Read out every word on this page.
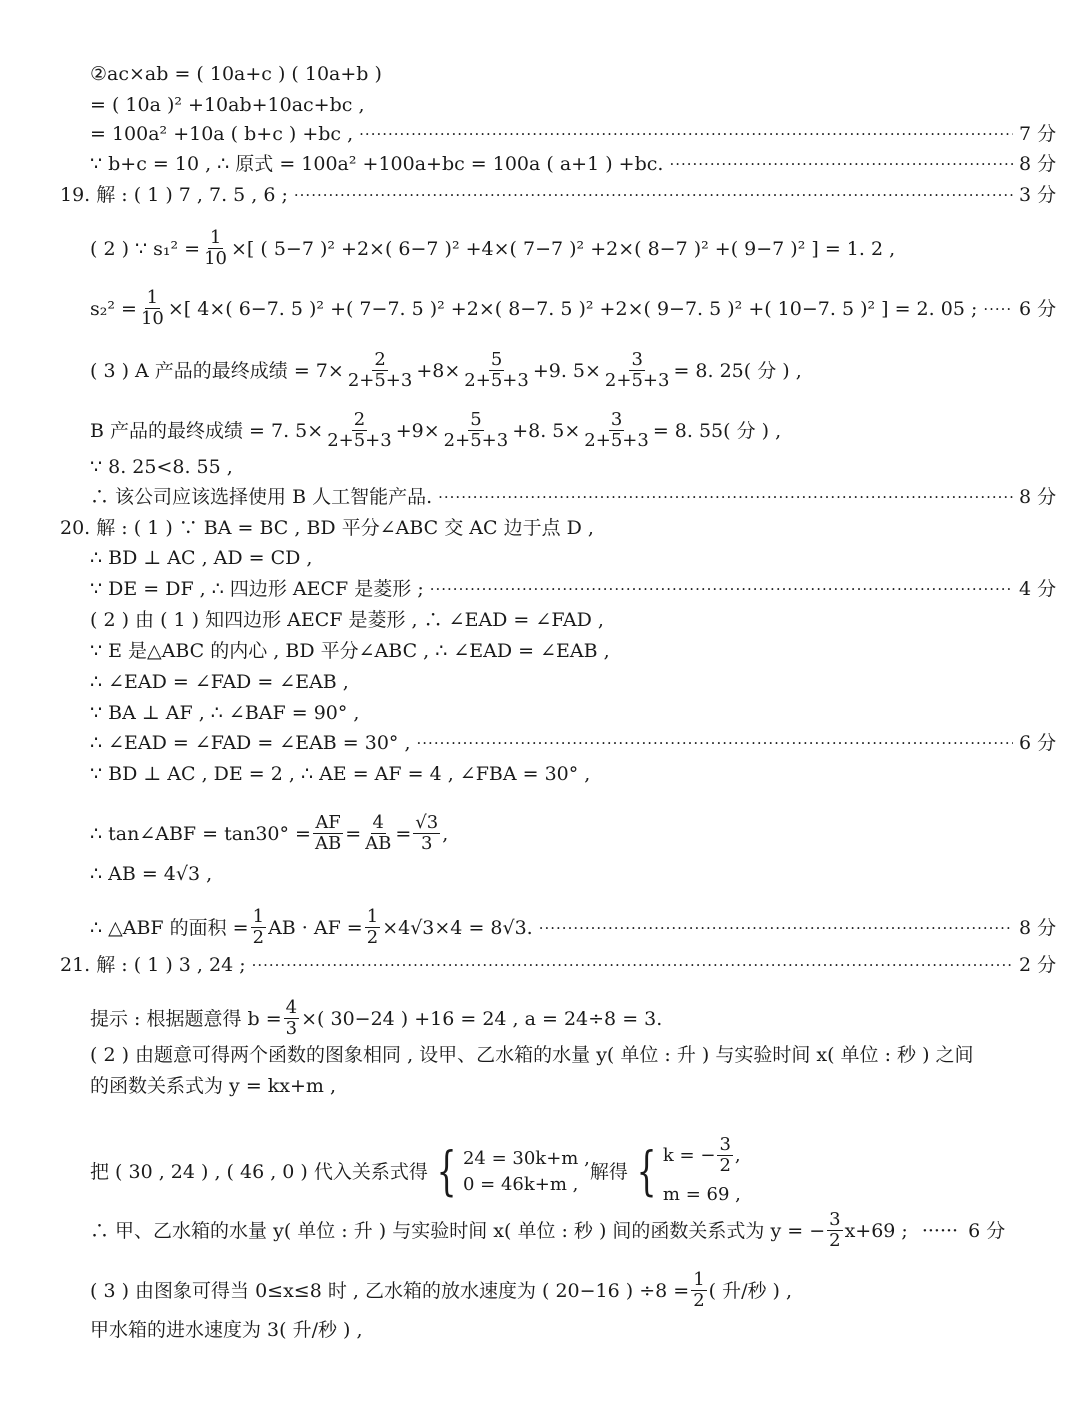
②ac×ab = ( 10a+c ) ( 10a+b )
= ( 10a )² +10ab+10ac+bc ,
= 100a² +10a ( b+c ) +bc , ·····	7 分
∵ b+c = 10 , ∴ 原式 = 100a² +100a+bc = 100a ( a+1 ) +bc. ·····	8 分
19. 解 : ( 1 ) 7 , 7. 5 , 6 ; ·····	3 分
( 2 ) ∵ $s_1^2 = \frac{1}{10}$ ×[ ( 5−7 )² +2×( 6−7 )² +4×( 7−7 )² +2×( 8−7 )² +( 9−7 )² ] = 1. 2 ,
$s_2^2 = \frac{1}{10}$ ×[ 4×( 6−7. 5 )² +( 7−7. 5 )² +2×( 8−7. 5 )² +2×( 9−7. 5 )² +( 10−7. 5 )² ] = 2. 05 ; ····· 6 分
( 3 ) A 产品的最终成绩 = $7\times \frac{2}{2+5+3} +8\times \frac{5}{2+5+3} +9$. $5\times \frac{3}{2+5+3} = 8$. 25( 分 ) ,
B 产品的最终成绩 = 7. $5\times \frac{2}{2+5+3} +9\times \frac{5}{2+5+3} +8$. $5\times \frac{3}{2+5+3} = 8$. 55( 分 ) ,
∵ 8. 25<8. 55 ,
∴ 该公司应该选择使用 B 人工智能产品. ·····	8 分
20. 解 : ( 1 ) ∵ BA = BC , BD 平分∠ABC 交 AC 边于点 D ,
∴ BD ⊥ AC , AD = CD ,
∵ DE = DF , ∴ 四边形 AECF 是菱形 ; ·····	4 分
( 2 ) 由 ( 1 ) 知四边形 AECF 是菱形 , ∴ ∠EAD = ∠FAD ,
∵ E 是△ABC 的内心 , BD 平分∠ABC , ∴ ∠EAD = ∠EAB ,
∴ ∠EAD = ∠FAD = ∠EAB ,
∵ BA ⊥ AF , ∴ ∠BAF = 90° ,
∴ ∠EAD = ∠FAD = ∠EAB = 30° , ·····	6 分
∵ BD ⊥ AC , DE = 2 , ∴ AE = AF = 4 , ∠FBA = 30° ,
∴ tan∠ABF = $\tan 30^\circ = \frac{AF}{AB} = \frac{4}{AB} = \frac{√3}{3}$ ,
∴ AB = 4√3 ,
∴ △ABF 的面积 = $\frac{1}{2}$ AB · AF = $\frac{1}{2} \times 4√3\times 4 = 8√3$. ·····	8 分
21. 解 : ( 1 ) 3 , 24 ; ·····	2 分
提示 : 根据题意得 $b = \frac{4}{3}$ ×( 30−24 ) +16 = 24 , a = 24÷8 = 3.
( 2 ) 由题意可得两个函数的图象相同 , 设甲、乙水箱的水量 y( 单位 : 升 ) 与实验时间 x( 单位 : 秒 ) 之间
的函数关系式为 y = kx+m ,
把 ( 30 , 24 ) , ( 46 , 0 ) 代入关系式得 { 24 = 30k+m ,
0 = 46k+m ,
解得 { k = − $\frac{3}{2}$ ,
m = 69 ,
∴ 甲、乙水箱的水量 y( 单位 : 升 ) 与实验时间 x( 单位 : 秒 ) 间的函数关系式为 y = − $\frac{3}{2} x+69$ ; ······ 6 分
( 3 ) 由图象可得当 0≤x≤8 时 , 乙水箱的放水速度为 ( 20−16 ) $\div 8 = \frac{1}{2}$ ( 升/秒 ) ,
甲水箱的进水速度为 3( 升/秒 ) ,
